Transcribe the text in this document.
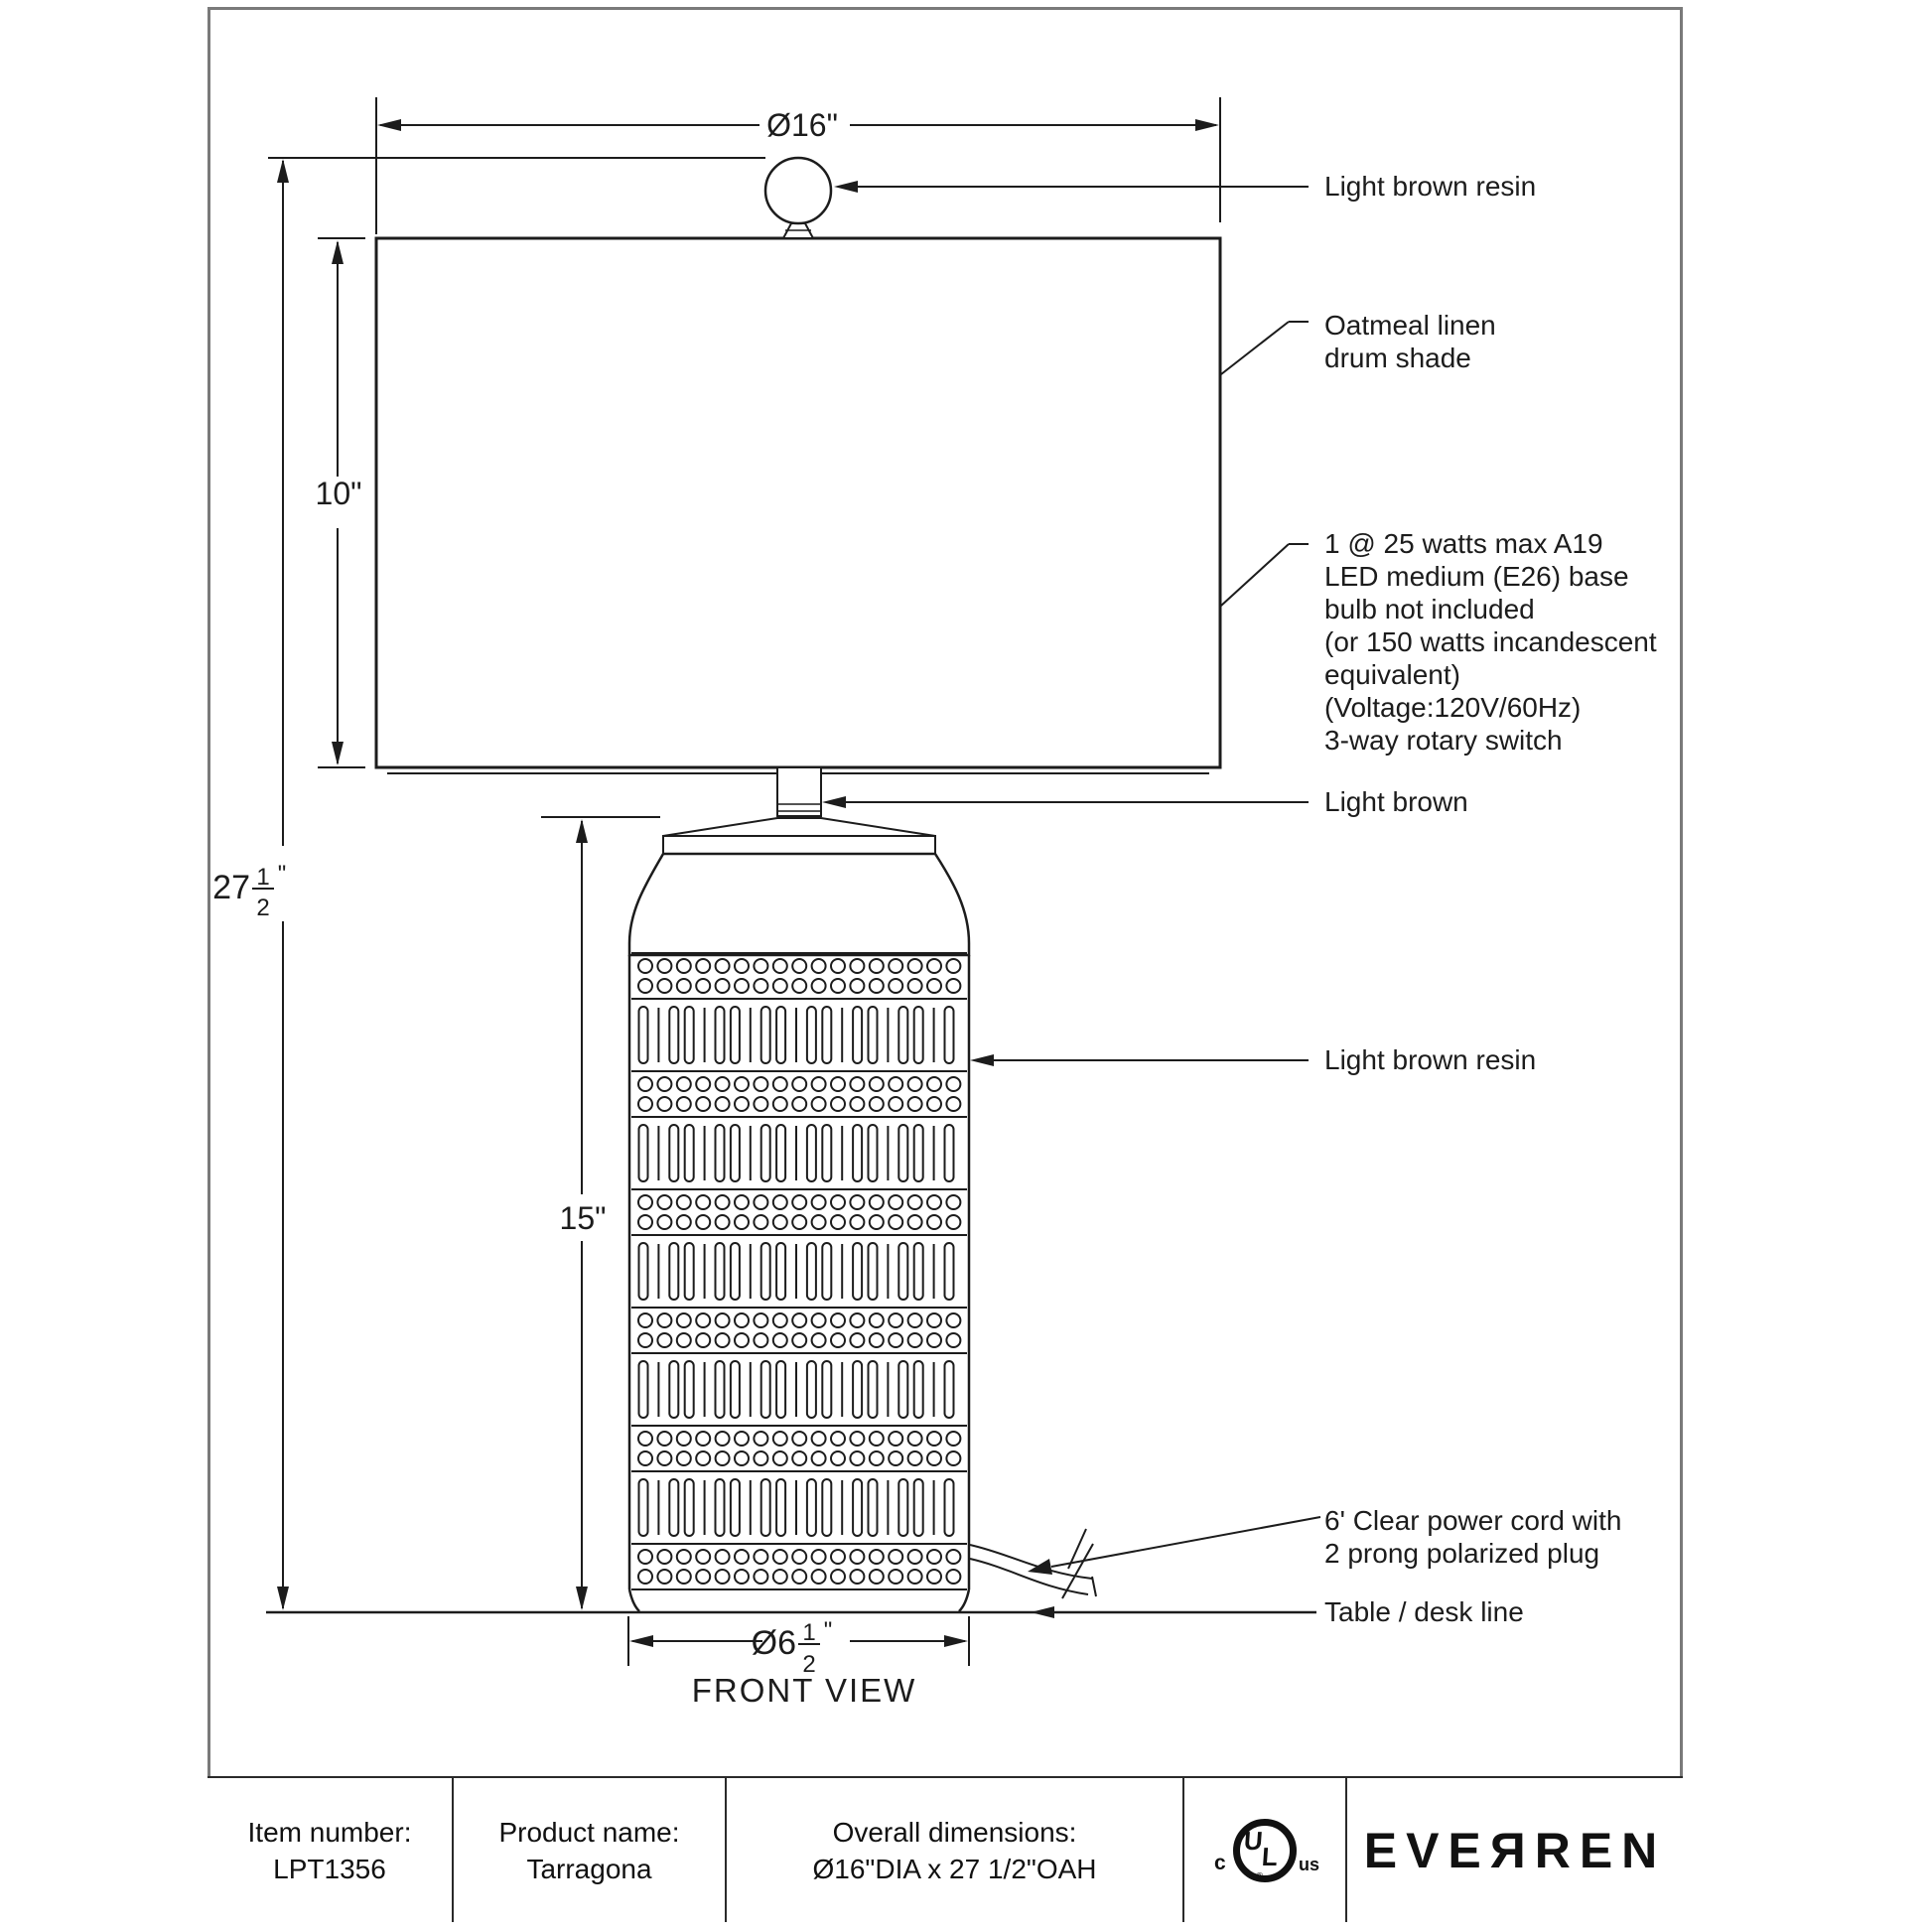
Ø16"
27 1
2
"
10"
15"
Ø6 1
2
"
Table / desk line
Light brown resin
Oatmeal linen
drum shade
1 @ 25 watts max A19
LED medium (E26) base
bulb not included
(or 150 watts incandescent
equivalent)
(Voltage:120V/60Hz)
3-way rotary switch
Light brown
Light brown resin
6' Clear power cord with
2 prong polarized plug
FRONT VIEW
Item number:
LPT1356
Product name:
Tarragona
Overall dimensions:
Ø16"DIA x 27 1/2"OAH
U
L
®
c	us EVEЯREN
